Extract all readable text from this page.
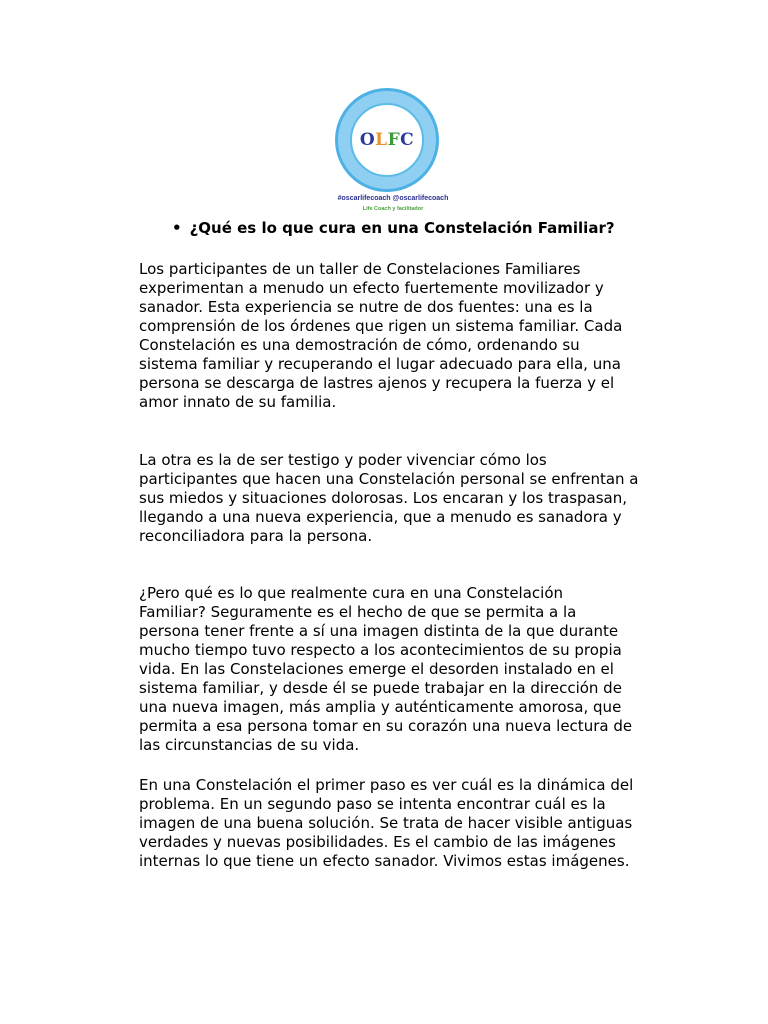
OLFC
#oscarlifecoach @oscarlifecoach
Life Coach y facilitador
• ¿Qué es lo que cura en una Constelación Familiar?
Los participantes de un taller de Constelaciones Familiares
experimentan a menudo un efecto fuertemente movilizador y
sanador. Esta experiencia se nutre de dos fuentes: una es la
comprensión de los órdenes que rigen un sistema familiar. Cada
Constelación es una demostración de cómo, ordenando su
sistema familiar y recuperando el lugar adecuado para ella, una
persona se descarga de lastres ajenos y recupera la fuerza y el
amor innato de su familia.
La otra es la de ser testigo y poder vivenciar cómo los
participantes que hacen una Constelación personal se enfrentan a
sus miedos y situaciones dolorosas. Los encaran y los traspasan,
llegando a una nueva experiencia, que a menudo es sanadora y
reconciliadora para la persona.
¿Pero qué es lo que realmente cura en una Constelación
Familiar? Seguramente es el hecho de que se permita a la
persona tener frente a sí una imagen distinta de la que durante
mucho tiempo tuvo respecto a los acontecimientos de su propia
vida. En las Constelaciones emerge el desorden instalado en el
sistema familiar, y desde él se puede trabajar en la dirección de
una nueva imagen, más amplia y auténticamente amorosa, que
permita a esa persona tomar en su corazón una nueva lectura de
las circunstancias de su vida.
En una Constelación el primer paso es ver cuál es la dinámica del
problema. En un segundo paso se intenta encontrar cuál es la
imagen de una buena solución. Se trata de hacer visible antiguas
verdades y nuevas posibilidades. Es el cambio de las imágenes
internas lo que tiene un efecto sanador. Vivimos estas imágenes.
